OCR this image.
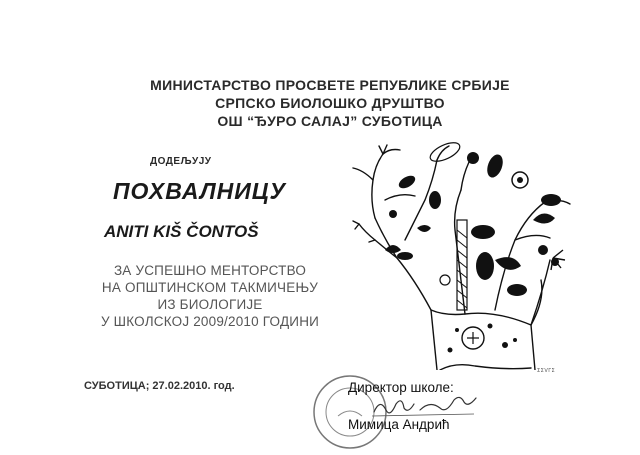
МИНИСТАРСТВО ПРОСВЕТЕ РЕПУБЛИКЕ СРБИЈЕ
СРПСКО БИОЛОШКО ДРУШТВО
ОШ “ЂУРО САЛАЈ” СУБОТИЦА
ДОДЕЉУЈУ
ПОХВАЛНИЦУ
ANITI KIŠ ČONTOŠ
ЗА УСПЕШНО МЕНТОРСТВО
НА ОПШТИНСКОМ ТАКМИЧЕЊУ
ИЗ БИОЛОГИЈЕ
У ШКОЛСКОЈ 2009/2010 ГОДИНИ
ΣΣVΓΣ
СУБОТИЦА; 27.02.2010. год.	Директор школе:
Мимица Андрић
